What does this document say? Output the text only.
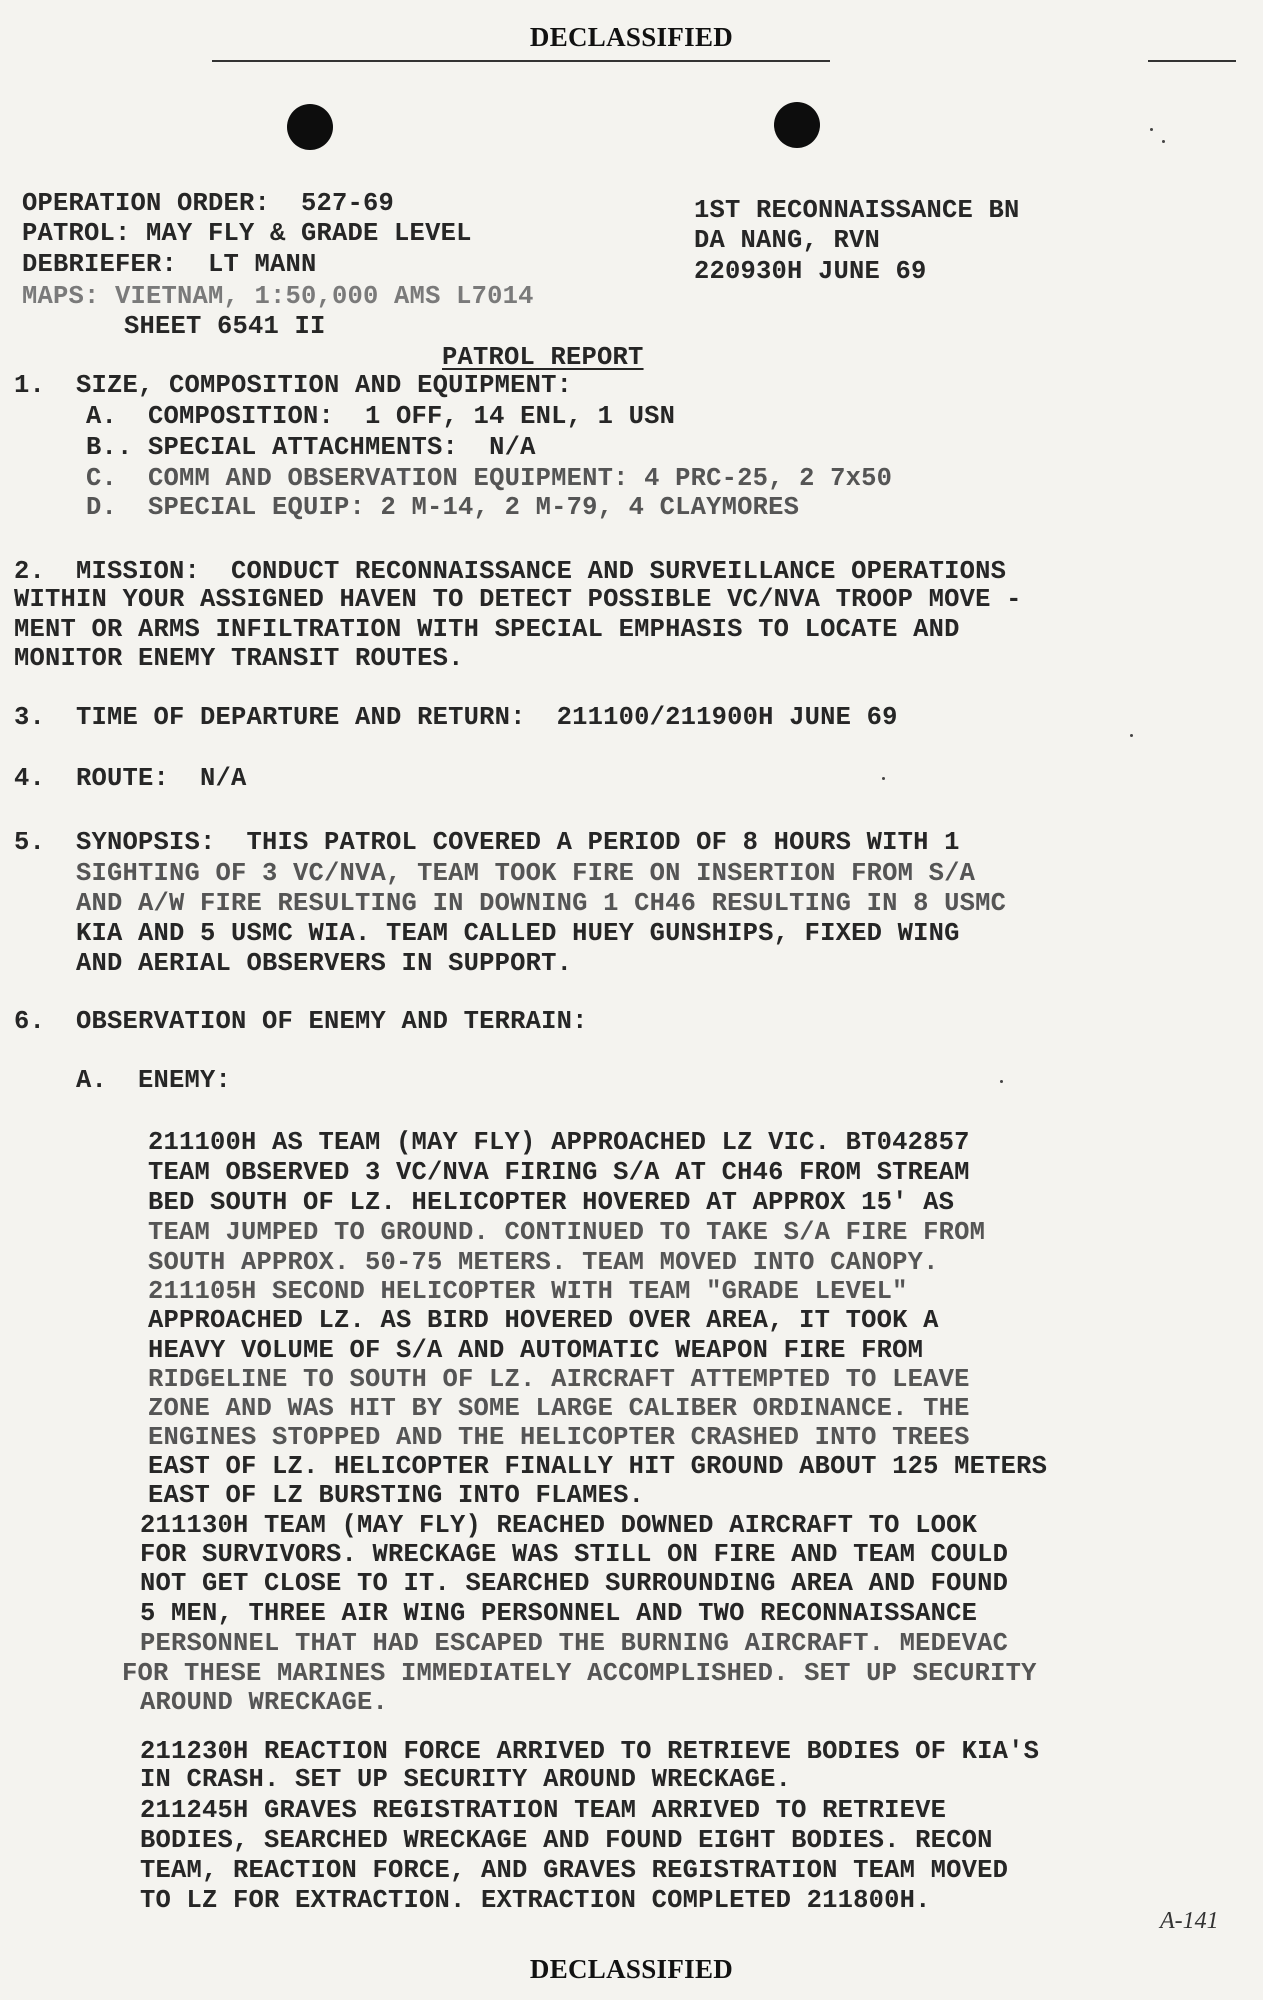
DECLASSIFIED
OPERATION ORDER:  527-69
PATROL: MAY FLY & GRADE LEVEL
DEBRIEFER:  LT MANN
MAPS: VIETNAM, 1:50,000 AMS L7014
SHEET 6541 II
1ST RECONNAISSANCE BN
DA NANG, RVN
220930H JUNE 69
PATROL REPORT
1.  SIZE, COMPOSITION AND EQUIPMENT:
A.  COMPOSITION:  1 OFF, 14 ENL, 1 USN
B.. SPECIAL ATTACHMENTS:  N/A
C.  COMM AND OBSERVATION EQUIPMENT: 4 PRC-25, 2 7x50
D.  SPECIAL EQUIP: 2 M-14, 2 M-79, 4 CLAYMORES
2.  MISSION:  CONDUCT RECONNAISSANCE AND SURVEILLANCE OPERATIONS
WITHIN YOUR ASSIGNED HAVEN TO DETECT POSSIBLE VC/NVA TROOP MOVE -
MENT OR ARMS INFILTRATION WITH SPECIAL EMPHASIS TO LOCATE AND
MONITOR ENEMY TRANSIT ROUTES.
3.  TIME OF DEPARTURE AND RETURN:  211100/211900H JUNE 69
4.  ROUTE:  N/A
5.  SYNOPSIS:  THIS PATROL COVERED A PERIOD OF 8 HOURS WITH 1
SIGHTING OF 3 VC/NVA, TEAM TOOK FIRE ON INSERTION FROM S/A
AND A/W FIRE RESULTING IN DOWNING 1 CH46 RESULTING IN 8 USMC
KIA AND 5 USMC WIA. TEAM CALLED HUEY GUNSHIPS, FIXED WING
AND AERIAL OBSERVERS IN SUPPORT.
6.  OBSERVATION OF ENEMY AND TERRAIN:
A.  ENEMY:
211100H AS TEAM (MAY FLY) APPROACHED LZ VIC. BT042857
TEAM OBSERVED 3 VC/NVA FIRING S/A AT CH46 FROM STREAM
BED SOUTH OF LZ. HELICOPTER HOVERED AT APPROX 15' AS
TEAM JUMPED TO GROUND. CONTINUED TO TAKE S/A FIRE FROM
SOUTH APPROX. 50-75 METERS. TEAM MOVED INTO CANOPY.
211105H SECOND HELICOPTER WITH TEAM "GRADE LEVEL"
APPROACHED LZ. AS BIRD HOVERED OVER AREA, IT TOOK A
HEAVY VOLUME OF S/A AND AUTOMATIC WEAPON FIRE FROM
RIDGELINE TO SOUTH OF LZ. AIRCRAFT ATTEMPTED TO LEAVE
ZONE AND WAS HIT BY SOME LARGE CALIBER ORDINANCE. THE
ENGINES STOPPED AND THE HELICOPTER CRASHED INTO TREES
EAST OF LZ. HELICOPTER FINALLY HIT GROUND ABOUT 125 METERS
EAST OF LZ BURSTING INTO FLAMES.
211130H TEAM (MAY FLY) REACHED DOWNED AIRCRAFT TO LOOK
FOR SURVIVORS. WRECKAGE WAS STILL ON FIRE AND TEAM COULD
NOT GET CLOSE TO IT. SEARCHED SURROUNDING AREA AND FOUND
5 MEN, THREE AIR WING PERSONNEL AND TWO RECONNAISSANCE
PERSONNEL THAT HAD ESCAPED THE BURNING AIRCRAFT. MEDEVAC
FOR THESE MARINES IMMEDIATELY ACCOMPLISHED. SET UP SECURITY
AROUND WRECKAGE.
211230H REACTION FORCE ARRIVED TO RETRIEVE BODIES OF KIA'S
IN CRASH. SET UP SECURITY AROUND WRECKAGE.
211245H GRAVES REGISTRATION TEAM ARRIVED TO RETRIEVE
BODIES, SEARCHED WRECKAGE AND FOUND EIGHT BODIES. RECON
TEAM, REACTION FORCE, AND GRAVES REGISTRATION TEAM MOVED
TO LZ FOR EXTRACTION. EXTRACTION COMPLETED 211800H.
A-141
DECLASSIFIED
